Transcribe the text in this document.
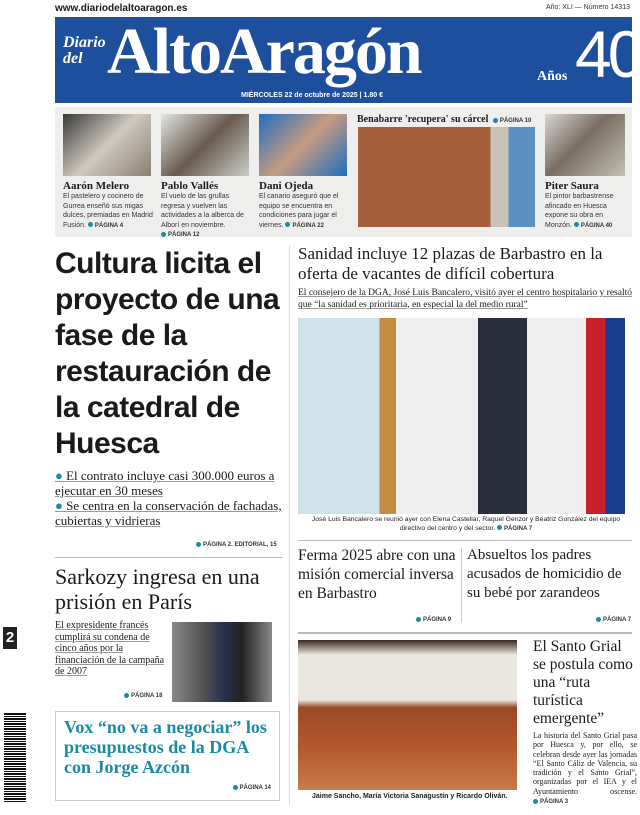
2
www.diariodelaltoaragon.es	Año: XLI — Número 14313
Diario del AltoAragón	Años 40
MIÉRCOLES 22 de octubre de 2025 | 1.80 €
Aarón Melero

El pastelero y cocinero de Gurrea enseñó sus migas dulces, premiadas en Madrid Fusión. PÁGINA 4

Pablo Vallés

El vuelo de las grullas regresa y vuelven las actividades a la alberca de Alborí en noviembre. PÁGINA 12

Dani Ojeda

El canario aseguró que el equipo se encuentra en condiciones para jugar el viernes. PÁGINA 22

Benabarre 'recupera' su cárcel PÁGINA 10
Piter Saura

El pintor barbastrense afincado en Huesca expone su obra en Monzón. PÁGINA 40

Cultura licita el proyecto de una fase de la restauración de la catedral de Huesca
● El contrato incluye casi 300.000 euros a ejecutar en 30 meses
● Se centra en la conservación de fachadas, cubiertas y vidrieras
PÁGINA 2. EDITORIAL, 15
Sarkozy ingresa en una prisión en París
El expresidente francés cumplirá su condena de cinco años por la financiación de la campaña de 2007
PÁGINA 18
Vox “no va a negociar” los presupuestos de la DGA con Jorge Azcón
PÁGINA 14
Sanidad incluye 12 plazas de Barbastro en la oferta de vacantes de difícil cobertura
El consejero de la DGA, José Luis Bancalero, visitó ayer el centro hospitalario y resaltó que “la sanidad es prioritaria, en especial la del medio rural”
José Luis Bancalero se reunió ayer con Elena Castellar, Raquel Genzor y Beatriz González del equipo directivo del centro y del sector. PÁGINA 7
Ferma 2025 abre con una misión comercial inversa en Barbastro
PÁGINA 9
Absueltos los padres acusados de homicidio de su bebé por zarandeos
PÁGINA 7
Jaime Sancho, María Victoria Sanagustín y Ricardo Oliván.
El Santo Grial se postula como una “ruta turística emergente”
La historia del Santo Grial pasa por Huesca y, por ello, se celebran desde ayer las jornadas “El Santo Cáliz de Valencia, su tradición y el Santo Grial”, organizadas por el IEA y el Ayuntamiento oscense. PÁGINA 3
